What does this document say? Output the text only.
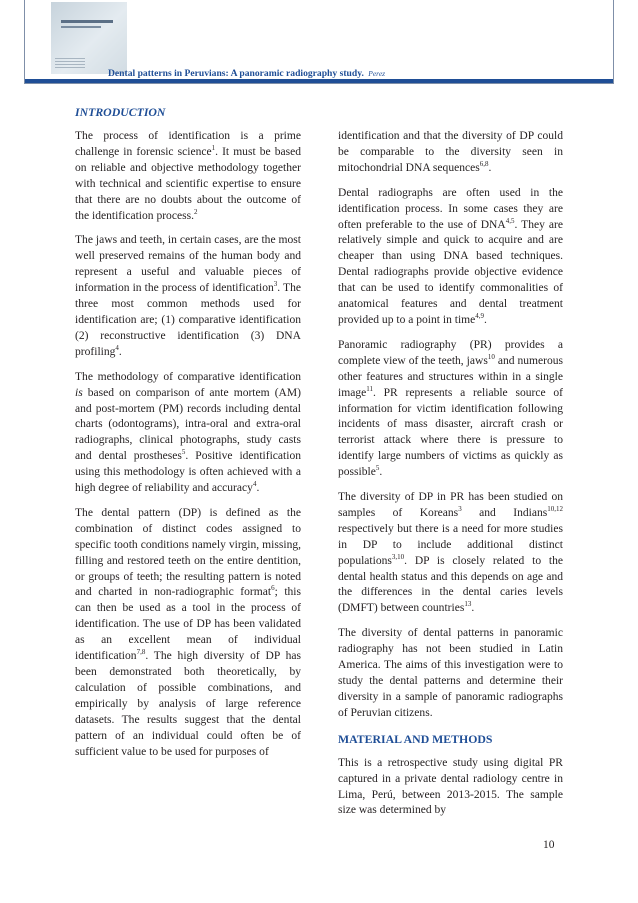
Dental patterns in Peruvians: A panoramic radiography study. Perez
INTRODUCTION

The process of identification is a prime challenge in forensic science$^1$. It must be based on reliable and objective methodology together with technical and scientific expertise to ensure that there are no doubts about the outcome of the identification process.$^2$

The jaws and teeth, in certain cases, are the most well preserved remains of the human body and represent a useful and valuable pieces of information in the process of identification$^3$. The three most common methods used for identification are; (1) comparative identification (2) reconstructive identification (3) DNA profiling$^4$.

The methodology of comparative identification is based on comparison of ante mortem (AM) and post-mortem (PM) records including dental charts (odontograms), intra-oral and extra-oral radiographs, clinical photographs, study casts and dental prostheses$^5$. Positive identification using this methodology is often achieved with a high degree of reliability and accuracy$^4$.

The dental pattern (DP) is defined as the combination of distinct codes assigned to specific tooth conditions namely virgin, missing, filling and restored teeth on the entire dentition, or groups of teeth; the resulting pattern is noted and charted in non-radiographic format$^6$; this can then be used as a tool in the process of identification. The use of DP has been validated as an excellent mean of individual identification$^{7,8}$. The high diversity of DP has been demonstrated both theoretically, by calculation of possible combinations, and empirically by analysis of large reference datasets. The results suggest that the dental pattern of an individual could often be of sufficient value to be used for purposes of

identification and that the diversity of DP could be comparable to the diversity seen in mitochondrial DNA sequences$^{6,8}$.

Dental radiographs are often used in the identification process. In some cases they are often preferable to the use of DNA$^{4,5}$. They are relatively simple and quick to acquire and are cheaper than using DNA based techniques. Dental radiographs provide objective evidence that can be used to identify commonalities of anatomical features and dental treatment provided up to a point in time$^{4,9}$.

Panoramic radiography (PR) provides a complete view of the teeth, jaws$^{10}$ and numerous other features and structures within in a single image$^{11}$. PR represents a reliable source of information for victim identification following incidents of mass disaster, aircraft crash or terrorist attack where there is pressure to identify large numbers of victims as quickly as possible$^5$.

The diversity of DP in PR has been studied on samples of Koreans$^3$ and Indians$^{10,12}$ respectively but there is a need for more studies in DP to include additional distinct populations$^{3,10}$. DP is closely related to the dental health status and this depends on age and the differences in the dental caries levels (DMFT) between countries$^{13}$.

The diversity of dental patterns in panoramic radiography has not been studied in Latin America. The aims of this investigation were to study the dental patterns and determine their diversity in a sample of panoramic radiographs of Peruvian citizens.

MATERIAL AND METHODS

This is a retrospective study using digital PR captured in a private dental radiology centre in Lima, Perú, between 2013-2015. The sample size was determined by

10
